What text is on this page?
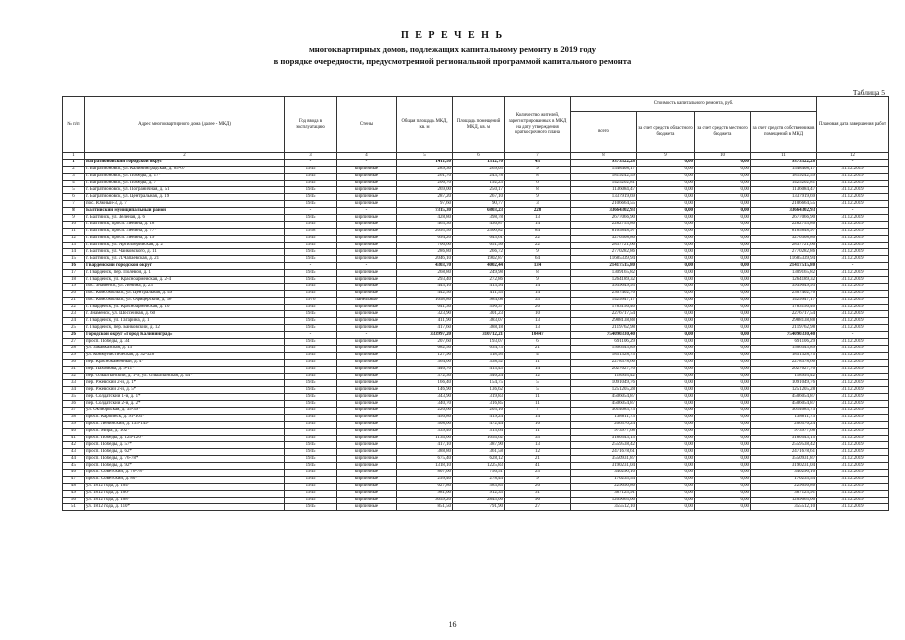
П Е Р Е Ч Е Н Ь
многоквартирных домов, подлежащих капитальному ремонту в 2019 году
в порядке очередности, предусмотренной региональной программой капитального ремонта
Таблица 5
№ п/п	Адрес многоквартирного дома (далее - МКД)	Год ввода в эксплуатацию	Стены	Общая площадь МКД, кв. м	Площадь помещений МКД, кв. м	Количество жителей, зарегистрированных в МКД на дату утверждения краткосрочного плана	Стоимость капитального ремонта, руб.				Плановая дата завершения работ
							всего	за счет средств областного бюджета	за счет средств местного бюджета	за счет средств собственников помещений в МКД	
1	2	3	4	5	6	7	8	9	10	11	12
1	Багратионовский городской округ	-	-	1411,50	1312,70	43	9373522,28	0,00	0,00	9373522,28	-
2	г. Багратионовск, ул. Калининградская, д. 65-67	1945	кирпичные	289,30	269,05	9	1548408,17	0,00	0,00	1548408,17	31.12.2019
3	г. Багратионовск, ул. Победы, д. 17*	1945	кирпичные	261,70	243,78	8	1819242,59	0,00	0,00	1819242,59	31.12.2019
4	г. Багратионовск, ул. Победы, д. 7	1945	кирпичные	206,70	192,23	6	1425202,81	0,00	0,00	1425202,81	31.12.2019
5	г. Багратионовск, ул. Пограничная, д. 51	1945	кирпичные	269,00	250,17	8	1136084,47	0,00	0,00	1136084,47	31.12.2019
6	г. Багратионовск, ул. Центральная, д. 19	1945	кирпичные	287,20	267,10	9	1337919,69	0,00	0,00	1337919,69	31.12.2019
7	пос. Южный-3, д. 7	1945	кирпичные	97,60	90,77	3	2106664,55	0,00	0,00	2106664,55	31.12.2019
8	Балтийский муниципальный район	-	-	7315,30	6803,23	228	33664302,93	0,00	0,00	33664302,93	-
9	г. Балтийск, ул. Зеленая, д. 6	1945	кирпичные	428,80	398,78	13	2677066,90	0,00	0,00	2677066,90	31.12.2019
10	г. Балтийск, просп. Ленина, д. 18	1945	кирпичные	463,30	430,87	14	2282753,86	0,00	0,00	2282753,86	31.12.2019
11	г. Балтийск, просп. Ленина, д. 77*	1958	кирпичные	2695,50	2506,82	84	8165848,97	0,00	0,00	8165848,97	31.12.2019
12	г. Балтийск, просп. Ленина, д. 19	1945	кирпичные	694,20	645,61	22	3270308,80	0,00	0,00	3270308,80	31.12.2019
13	г. Балтийск, ул. Артиллерийская, д. 2	1945	кирпичные	700,60	651,56	22	2837721,60	0,00	0,00	2837721,60	31.12.2019
14	г. Балтийск, ул. Чайковского, д. 11	1945	кирпичные	286,80	266,72	9	2770282,86	0,00	0,00	2770282,86	31.12.2019
15	г. Балтийск, ул. Л.Чапаевская, д. 21	1945	кирпичные	2046,10	1902,87	64	11685339,94	0,00	0,00	11685339,94	31.12.2019
16	Гвардейский городской округ	-	-	4303,70	4002,44	134	21417515,80	0,00	0,00	21417515,80	-
17	г. Гвардейск, пер. Полевой, д. 1	1945	кирпичные	268,80	249,98	8	1309165,82	0,00	0,00	1309165,82	31.12.2019
18	г. Гвардейск, ул. Красноармейская, д. 2-4	1945	кирпичные	293,40	272,86	9	1264189,32	0,00	0,00	1264189,32	31.12.2019
19	пос. Знаменск, ул. Ленина, д. 23	1945	кирпичные	445,10	413,94	14	3939049,93	0,00	0,00	3939049,93	31.12.2019
20	пос. Комсомольск, ул. Центральная, д. 49	1945	кирпичные	442,50	411,53	14	2307402,76	0,00	0,00	2307402,76	31.12.2019
21	пос. Комсомольск, ул. Офицерский, д. 1е	1976	панельные	1058,80	984,68	33	1429947,17	0,00	0,00	1429947,17	31.12.2019
22	г. Гвардейск, ул. Красноармейская, д. 10	1945	кирпичные	641,30	596,37	20	1783150,40	0,00	0,00	1783150,40	31.12.2019
23	г. Знаменск, ул. Шоссейная, д. 60	1945	кирпичные	323,90	301,23	10	2276717,54	0,00	0,00	2276717,54	31.12.2019
24	г. Гвардейск, ул. Гагарина, д. 1	1945	кирпичные	411,90	383,07	13	2988138,88	0,00	0,00	2988138,88	31.12.2019
25	г. Гвардейск, пер. Банковский, д. 12	1945	кирпичные	417,60	388,18	13	2119762,98	0,00	0,00	2119762,98	31.12.2019
26	Городской округ «Город Калининград»	-	-	333997,20	310712,21	10447	754090330,40	0,00	0,00	754090330,40	-
27	просп. Победы, д. 34	1945	кирпичные	207,60	193,07	6	691106,29	0,00	0,00	691106,29	31.12.2019
28	ул. Закавказская, д. 13	1945	кирпичные	682,50	634,73	21	1506345,89	0,00	0,00	1506345,89	31.12.2019
29	ул. Коммунистическая, д. 32-326	1945	кирпичные	127,90	118,95	4	1851328,75	0,00	0,00	1851328,75	31.12.2019
30	пер. Краснокаменный, д. 4*	1945	кирпичные	364,00	338,52	11	2278378,66	0,00	0,00	2278378,66	31.12.2019
31	пер. Пахомова, д. 9-11*	1945	кирпичные	446,70	415,43	14	2027627,70	0,00	0,00	2027627,70	31.12.2019
32	пер. Ольштынский, д. 1-9, ул. Ольштынская, д. 44*	1945	кирпичные	372,30	346,24	12	118993,42	0,00	0,00	118993,42	31.12.2019
33	пер. Ржевский 2-й, д. 1*	1945	кирпичные	166,40	154,75	5	1091049,76	0,00	0,00	1091049,76	31.12.2019
34	пер. Ржевский 2-й, д. 5*	1945	кирпичные	146,90	136,62	5	1251205,28	0,00	0,00	1251205,28	31.12.2019
35	пер. Солдатский 1-й, д. 1*	1945	кирпичные	343,90	319,83	11	4506054,87	0,00	0,00	4506054,87	31.12.2019
36	пер. Солдатский 2-й, д. 2*	1945	кирпичные	340,70	316,85	11	4506054,87	0,00	0,00	4506054,87	31.12.2019
37	ул. Октябрьская, д. 35-39*	1945	кирпичные	220,60	205,16	7	3014083,73	0,00	0,00	3014083,73	31.12.2019
38	просп. Карпинск, д. 91-105*	1945	кирпичные	450,80	419,24	14	138611,73	0,00	0,00	138611,73	31.12.2019
39	просп. Ленинский, д. 135-149*	1945	кирпичные	508,00	472,44	16	206576,24	0,00	0,00	206576,24	31.12.2019
40	просп. Мира, д. 162*	1945	кирпичные	339,40	315,64	11	973977,68	0,00	0,00	973977,68	31.12.2019
41	просп. Победы, д. 124-126*	1945	кирпичные	1134,00	1054,62	35	3180543,15	0,00	0,00	3180543,15	31.12.2019
42	просп. Победы, д. 57*	1945	кирпичные	417,10	387,90	13	2559538,42	0,00	0,00	2559538,42	31.12.2019
43	просп. Победы, д. 62*	1945	кирпичные	388,80	361,58	12	2471678,61	0,00	0,00	2471678,61	31.12.2019
44	просп. Победы, д. 76-78*	1945	кирпичные	675,40	628,12	21	3550931,87	0,00	0,00	3550931,87	31.12.2019
45	просп. Победы, д. 92*	1945	кирпичные	1318,10	1225,83	41	3190231,04	0,00	0,00	3190231,04	31.12.2019
46	просп. Советский, д. 76-78*	1945	кирпичные	807,00	750,51	25	340290,10	0,00	0,00	340290,10	31.12.2019
47	просп. Советский, д. 80*	1945	кирпичные	299,40	278,44	9	170235,54	0,00	0,00	170235,54	31.12.2019
48	ул. 1812 года, д. 104*	1945	кирпичные	627,80	583,85	20	229056,86	0,00	0,00	229056,86	31.12.2019
49	ул. 1812 года, д. 106*	1945	кирпичные	981,00	912,33	31	387125,91	0,00	0,00	387125,91	31.12.2019
50	ул. 1812 года, д. 108*	1945	кирпичные	3059,20	2845,06	96	1209065,00	0,00	0,00	1209065,00	31.12.2019
51	ул. 1812 года, д. 110*	1945	кирпичные	851,50	791,90	27	355512,10	0,00	0,00	355512,10	31.12.2019
16
